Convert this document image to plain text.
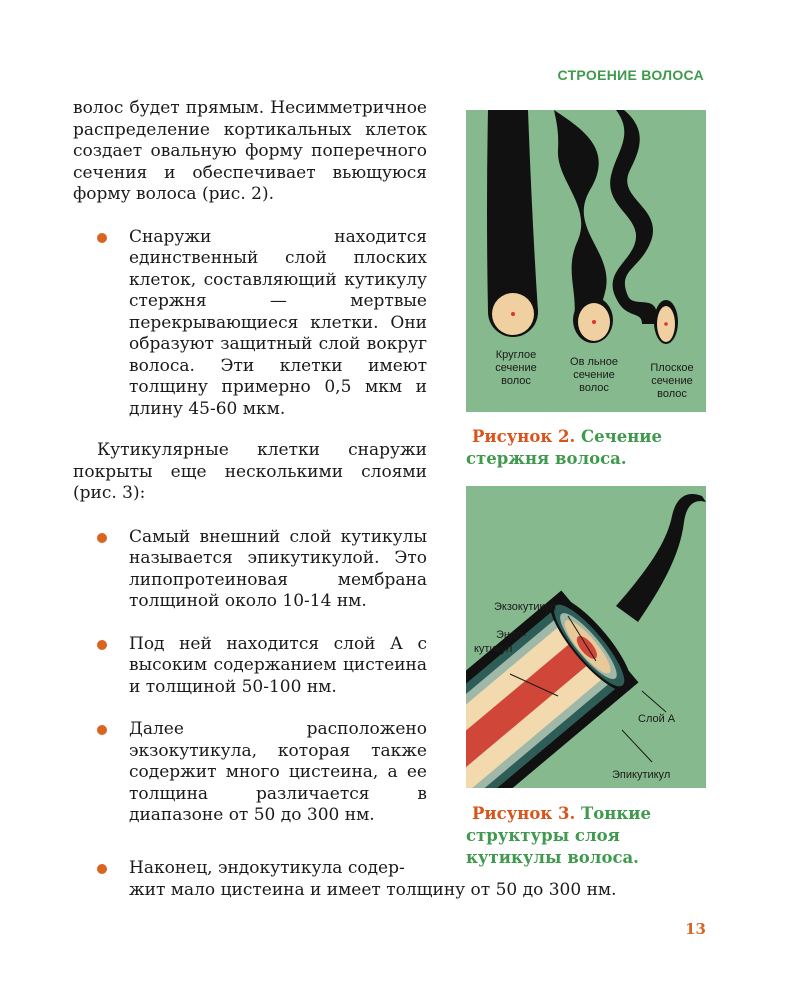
СТРОЕНИЕ ВОЛОСА

волос будет прямым. Несимметричное распределение кортикальных клеток создает овальную форму поперечного сечения и обеспечивает вьющуюся форму волоса (рис. 2).

Снаружи находится единственный слой плоских клеток, составляющий кутикулу стержня — мертвые перекрывающиеся клетки. Они образуют защитный слой вокруг волоса. Эти клетки имеют толщину примерно 0,5 мкм и длину 45-60 мкм.

Кутикулярные клетки снаружи покрыты еще несколькими слоями (рис. 3):

Самый внешний слой кутикулы называется эпикутикулой. Это липопротеиновая мембрана толщиной около 10-14 нм.
Под ней находится слой А с высоким содержанием цистеина и толщиной 50-100 нм.
Далее расположено экзокутикула, которая также содержит много цистеина, а ее толщина различается в диапазоне от 50 до 300 нм.
Наконец, эндокутикула содер-
жит мало цистеина и имеет толщину от 50 до 300 нм.
Круглое
сечение
волос
Ов льное
сечение
волос
Плоское
сечение
волос
Рисунок 2. Сечение стержня волоса.
Экзокутикул
Эндо-
кутикул
Слой А
Эпикутикул
Рисунок 3. Тонкие структуры слоя кутикулы волоса.
13
